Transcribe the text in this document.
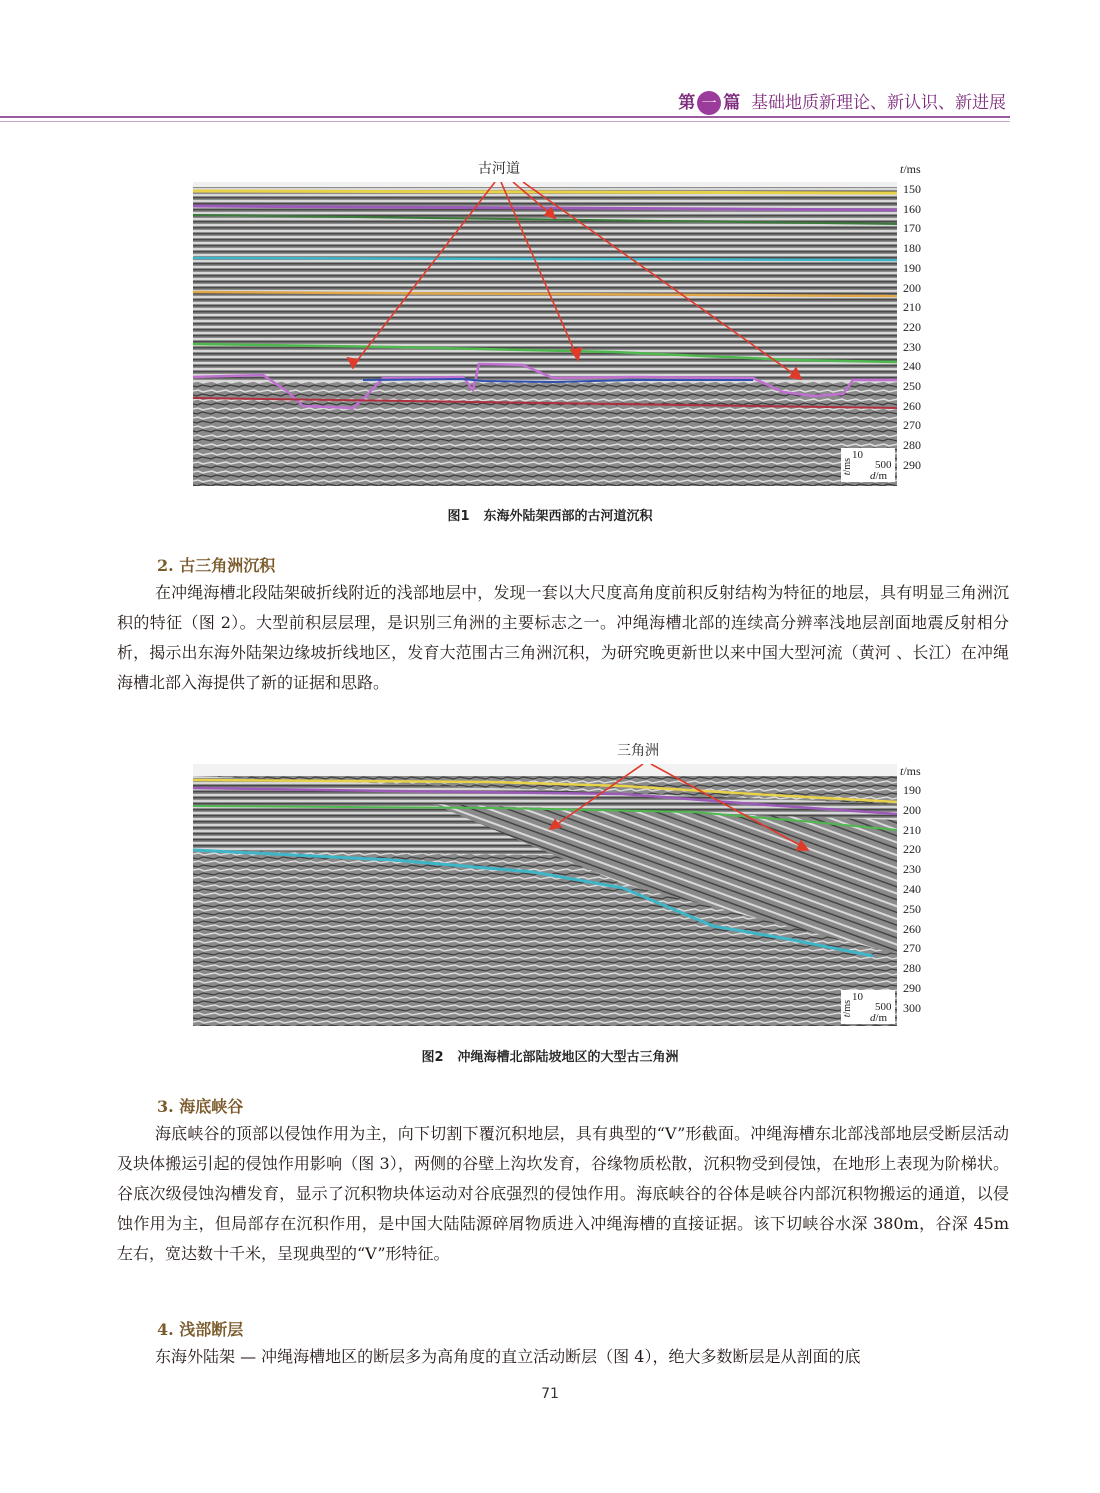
第 一 篇 基础地质新理论、新认识、新进展
古河道	t/ms
t/ms
10
500
d/m
150
160
170
180
190
200
210
220
230
240
250
260
270
280
290
图1 东海外陆架西部的古河道沉积
2. 古三角洲沉积
在冲绳海槽北段陆架破折线附近的浅部地层中，发现一套以大尺度高角度前积反射结构为特征的地层，具有明显三角洲沉积的特征（图 2）。大型前积层层理，是识别三角洲的主要标志之一。冲绳海槽北部的连续高分辨率浅地层剖面地震反射相分析，揭示出东海外陆架边缘坡折线地区，发育大范围古三角洲沉积，为研究晚更新世以来中国大型河流（黄河 、长江）在冲绳海槽北部入海提供了新的证据和思路。
三角洲
t/ms
t/ms
10
500
d/m
190
200
210
220
230
240
250
260
270
280
290
300
图2 冲绳海槽北部陆坡地区的大型古三角洲
3. 海底峡谷
海底峡谷的顶部以侵蚀作用为主，向下切割下覆沉积地层，具有典型的“V”形截面。冲绳海槽东北部浅部地层受断层活动及块体搬运引起的侵蚀作用影响（图 3），两侧的谷壁上沟坎发育，谷缘物质松散，沉积物受到侵蚀，在地形上表现为阶梯状。谷底次级侵蚀沟槽发育，显示了沉积物块体运动对谷底强烈的侵蚀作用。海底峡谷的谷体是峡谷内部沉积物搬运的通道，以侵蚀作用为主，但局部存在沉积作用，是中国大陆陆源碎屑物质进入冲绳海槽的直接证据。该下切峡谷水深 380m，谷深 45m 左右，宽达数十千米，呈现典型的“V”形特征。
4. 浅部断层
东海外陆架 — 冲绳海槽地区的断层多为高角度的直立活动断层（图 4），绝大多数断层是从剖面的底
71
